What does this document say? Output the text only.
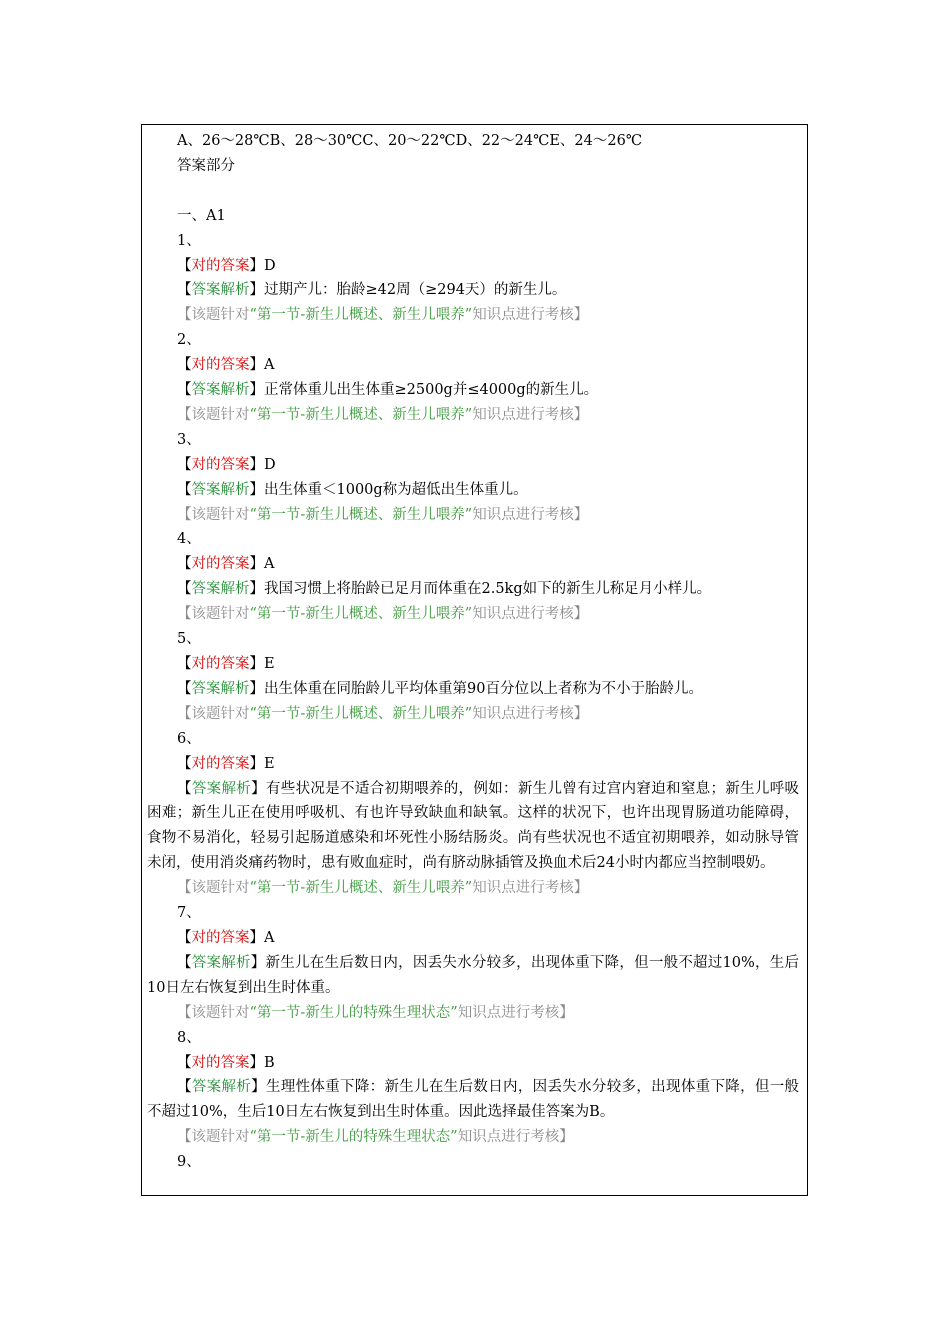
A、26～28℃B、28～30℃C、20～22℃D、22～24℃E、24～26℃
答案部分
一、A1
1、
【对的答案】D
【答案解析】过期产儿：胎龄≥42周（≥294天）的新生儿。
【该题针对“第一节-新生儿概述、新生儿喂养”知识点进行考核】
2、
【对的答案】A
【答案解析】正常体重儿出生体重≥2500g并≤4000g的新生儿。
【该题针对“第一节-新生儿概述、新生儿喂养”知识点进行考核】
3、
【对的答案】D
【答案解析】出生体重＜1000g称为超低出生体重儿。
【该题针对“第一节-新生儿概述、新生儿喂养”知识点进行考核】
4、
【对的答案】A
【答案解析】我国习惯上将胎龄已足月而体重在2.5kg如下的新生儿称足月小样儿。
【该题针对“第一节-新生儿概述、新生儿喂养”知识点进行考核】
5、
【对的答案】E
【答案解析】出生体重在同胎龄儿平均体重第90百分位以上者称为不小于胎龄儿。
【该题针对“第一节-新生儿概述、新生儿喂养”知识点进行考核】
6、
【对的答案】E
【答案解析】有些状况是不适合初期喂养的，例如：新生儿曾有过宫内窘迫和窒息；新生儿呼吸困难；新生儿正在使用呼吸机、有也许导致缺血和缺氧。这样的状况下，也许出现胃肠道功能障碍，食物不易消化，轻易引起肠道感染和坏死性小肠结肠炎。尚有些状况也不适宜初期喂养，如动脉导管未闭，使用消炎痛药物时，患有败血症时，尚有脐动脉插管及换血术后24小时内都应当控制喂奶。
【该题针对“第一节-新生儿概述、新生儿喂养”知识点进行考核】
7、
【对的答案】A
【答案解析】新生儿在生后数日内，因丢失水分较多，出现体重下降，但一般不超过10%，生后10日左右恢复到出生时体重。
【该题针对“第一节-新生儿的特殊生理状态”知识点进行考核】
8、
【对的答案】B
【答案解析】生理性体重下降：新生儿在生后数日内，因丢失水分较多，出现体重下降，但一般不超过10%，生后10日左右恢复到出生时体重。因此选择最佳答案为B。
【该题针对“第一节-新生儿的特殊生理状态”知识点进行考核】
9、
